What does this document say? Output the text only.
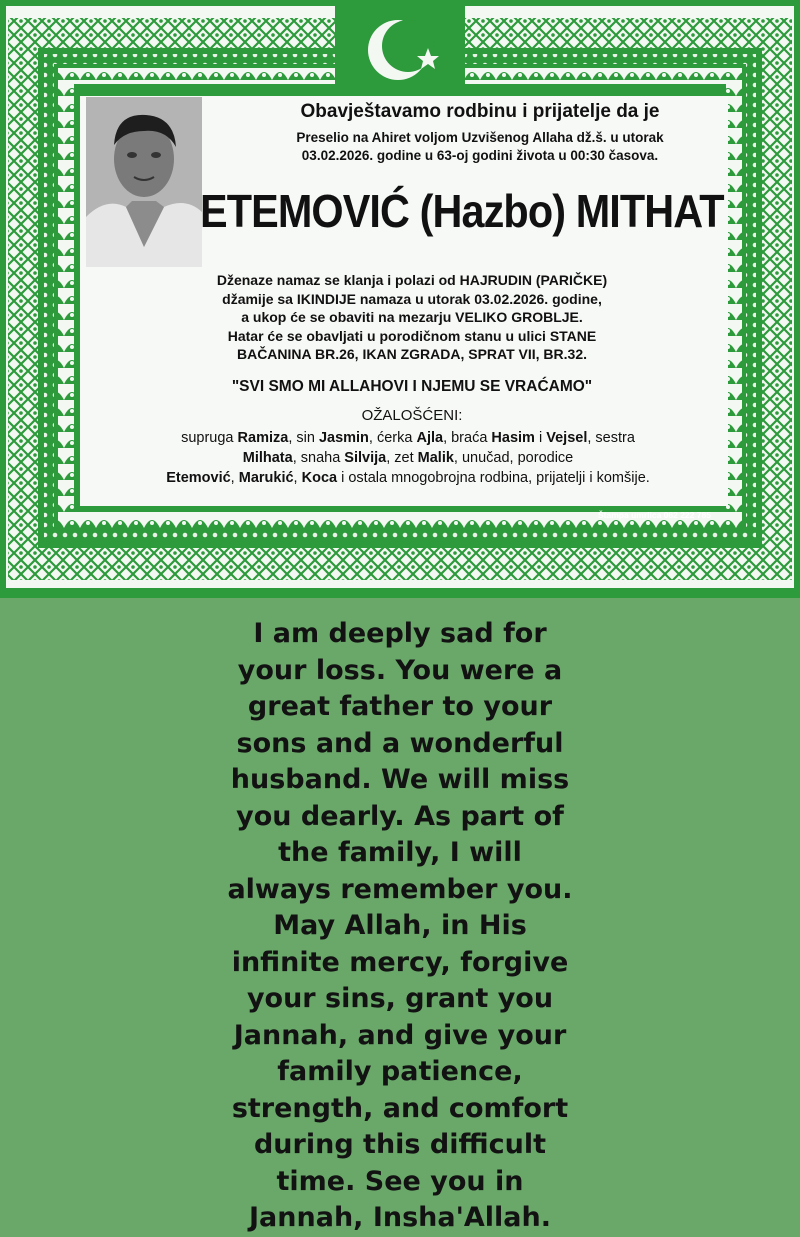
Obavještavamo rodbinu i prijatelje da je
Preselio na Ahiret voljom Uzvišenog Allaha dž.š. u utorak
03.02.2026. godine u 63-oj godini života u 00:30 časova.
ETEMOVIĆ (Hazbo) MITHAT
Dženaze namaz se klanja i polazi od HAJRUDIN (PARIČKE)
džamije sa IKINDIJE namaza u utorak 03.02.2026. godine,
a ukop će se obaviti na mezarju VELIKO GROBLJE.
Hatar će se obavljati u porodičnom stanu u ulici STANE
BAČANINA BR.26, IKAN ZGRADA, SPRAT VII, BR.32.
"SVI SMO MI ALLAHOVI I NJEMU SE VRAĆAMO"
OŽALOŠĆENI:
supruga Ramiza, sin Jasmin, ćerka Ajla, braća Hasim i Vejsel, sestra
Milhata, snaha Silvija, zet Malik, unučad, porodice
Etemović, Marukić, Koca i ostala mnogobrojna rodbina, prijatelji i komšije.
Štampa umrlica 062 222 785
I am deeply sad for
your loss. You were a
great father to your
sons and a wonderful
husband. We will miss
you dearly. As part of
the family, I will
always remember you.
May Allah, in His
infinite mercy, forgive
your sins, grant you
Jannah, and give your
family patience,
strength, and comfort
during this difficult
time. See you in
Jannah, Insha'Allah.
